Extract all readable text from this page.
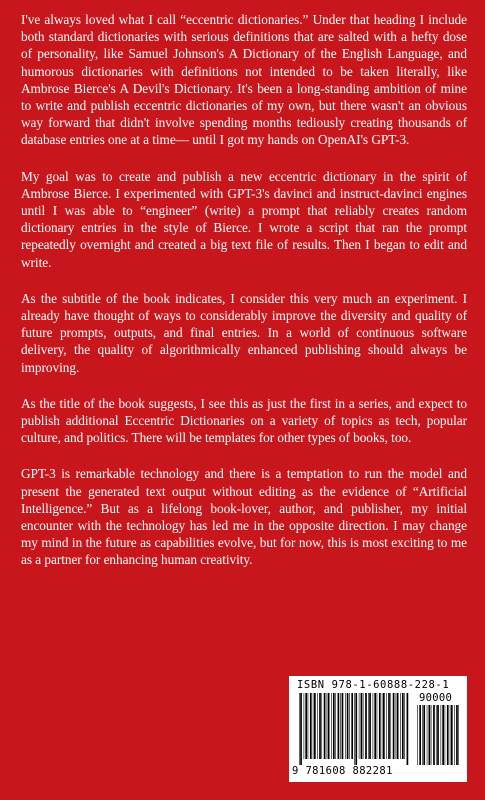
I've always loved what I call “eccentric dictionaries.” Under that heading I include both standard dictionaries with serious definitions that are salted with a hefty dose of personality, like Samuel Johnson's A Dictionary of the English Language, and humorous dictionaries with definitions not intended to be taken literally, like Ambrose Bierce's A Devil's Dictionary. It's been a long-standing ambition of mine to write and publish eccentric dictionaries of my own, but there wasn't an obvious way forward that didn't involve spending months tediously creating thousands of database entries one at a time— until I got my hands on OpenAI's GPT-3.

My goal was to create and publish a new eccentric dictionary in the spirit of Ambrose Bierce. I experimented with GPT-3's davinci and instruct-davinci engines until I was able to “engineer” (write) a prompt that reliably creates random dictionary entries in the style of Bierce. I wrote a script that ran the prompt repeatedly overnight and created a big text file of results. Then I began to edit and write.

As the subtitle of the book indicates, I consider this very much an experiment. I already have thought of ways to considerably improve the diversity and quality of future prompts, outputs, and final entries. In a world of continuous software delivery, the quality of algorithmically enhanced publishing should always be improving.

As the title of the book suggests, I see this as just the first in a series, and expect to publish additional Eccentric Dictionaries on a variety of topics as tech, popular culture, and politics. There will be templates for other types of books, too.

GPT-3 is remarkable technology and there is a temptation to run the model and present the generated text output without editing as the evidence of “Artificial Intelligence.” But as a lifelong book-lover, author, and publisher, my initial encounter with the technology has led me in the opposite direction. I may change my mind in the future as capabilities evolve, but for now, this is most exciting to me as a partner for enhancing human creativity.

ISBN 978-1-60888-228-1
90000
9 781608 882281
